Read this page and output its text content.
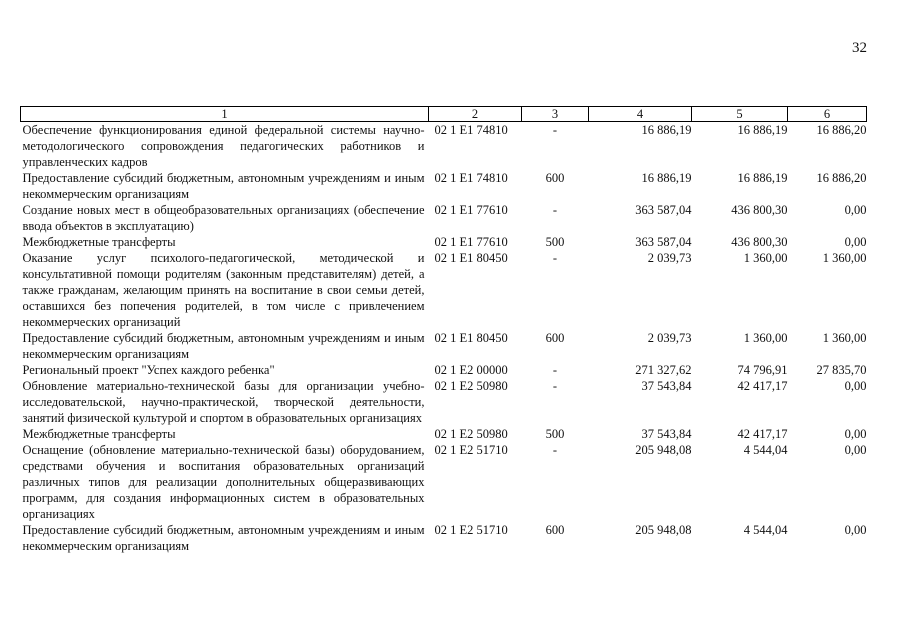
32
1	2	3	4	5	6
Обеспечение функционирования единой федеральной системы научно-методологического сопровождения педагогических работников и управленческих кадров	02 1 E1 74810	-	16 886,19	16 886,19	16 886,20
Предоставление субсидий бюджетным, автономным учреждениям и иным некоммерческим организациям	02 1 E1 74810	600	16 886,19	16 886,19	16 886,20
Создание новых мест в общеобразовательных организациях (обеспечение ввода объектов в эксплуатацию)	02 1 E1 77610	-	363 587,04	436 800,30	0,00
Межбюджетные трансферты	02 1 E1 77610	500	363 587,04	436 800,30	0,00
Оказание услуг психолого-педагогической, методической и консультативной помощи родителям (законным представителям) детей, а также гражданам, желающим принять на воспитание в свои семьи детей, оставшихся без попечения родителей, в том числе с привлечением некоммерческих организаций	02 1 E1 80450	-	2 039,73	1 360,00	1 360,00
Предоставление субсидий бюджетным, автономным учреждениям и иным некоммерческим организациям	02 1 E1 80450	600	2 039,73	1 360,00	1 360,00
Региональный проект "Успех каждого ребенка"	02 1 E2 00000	-	271 327,62	74 796,91	27 835,70
Обновление материально-технической базы для организации учебно-исследовательской, научно-практической, творческой деятельности, занятий физической культурой и спортом в образовательных организациях	02 1 E2 50980	-	37 543,84	42 417,17	0,00
Межбюджетные трансферты	02 1 E2 50980	500	37 543,84	42 417,17	0,00
Оснащение (обновление материально-технической базы) оборудованием, средствами обучения и воспитания образовательных организаций различных типов для реализации дополнительных общеразвивающих программ, для создания информационных систем в образовательных организациях	02 1 E2 51710	-	205 948,08	4 544,04	0,00
Предоставление субсидий бюджетным, автономным учреждениям и иным некоммерческим организациям	02 1 E2 51710	600	205 948,08	4 544,04	0,00
